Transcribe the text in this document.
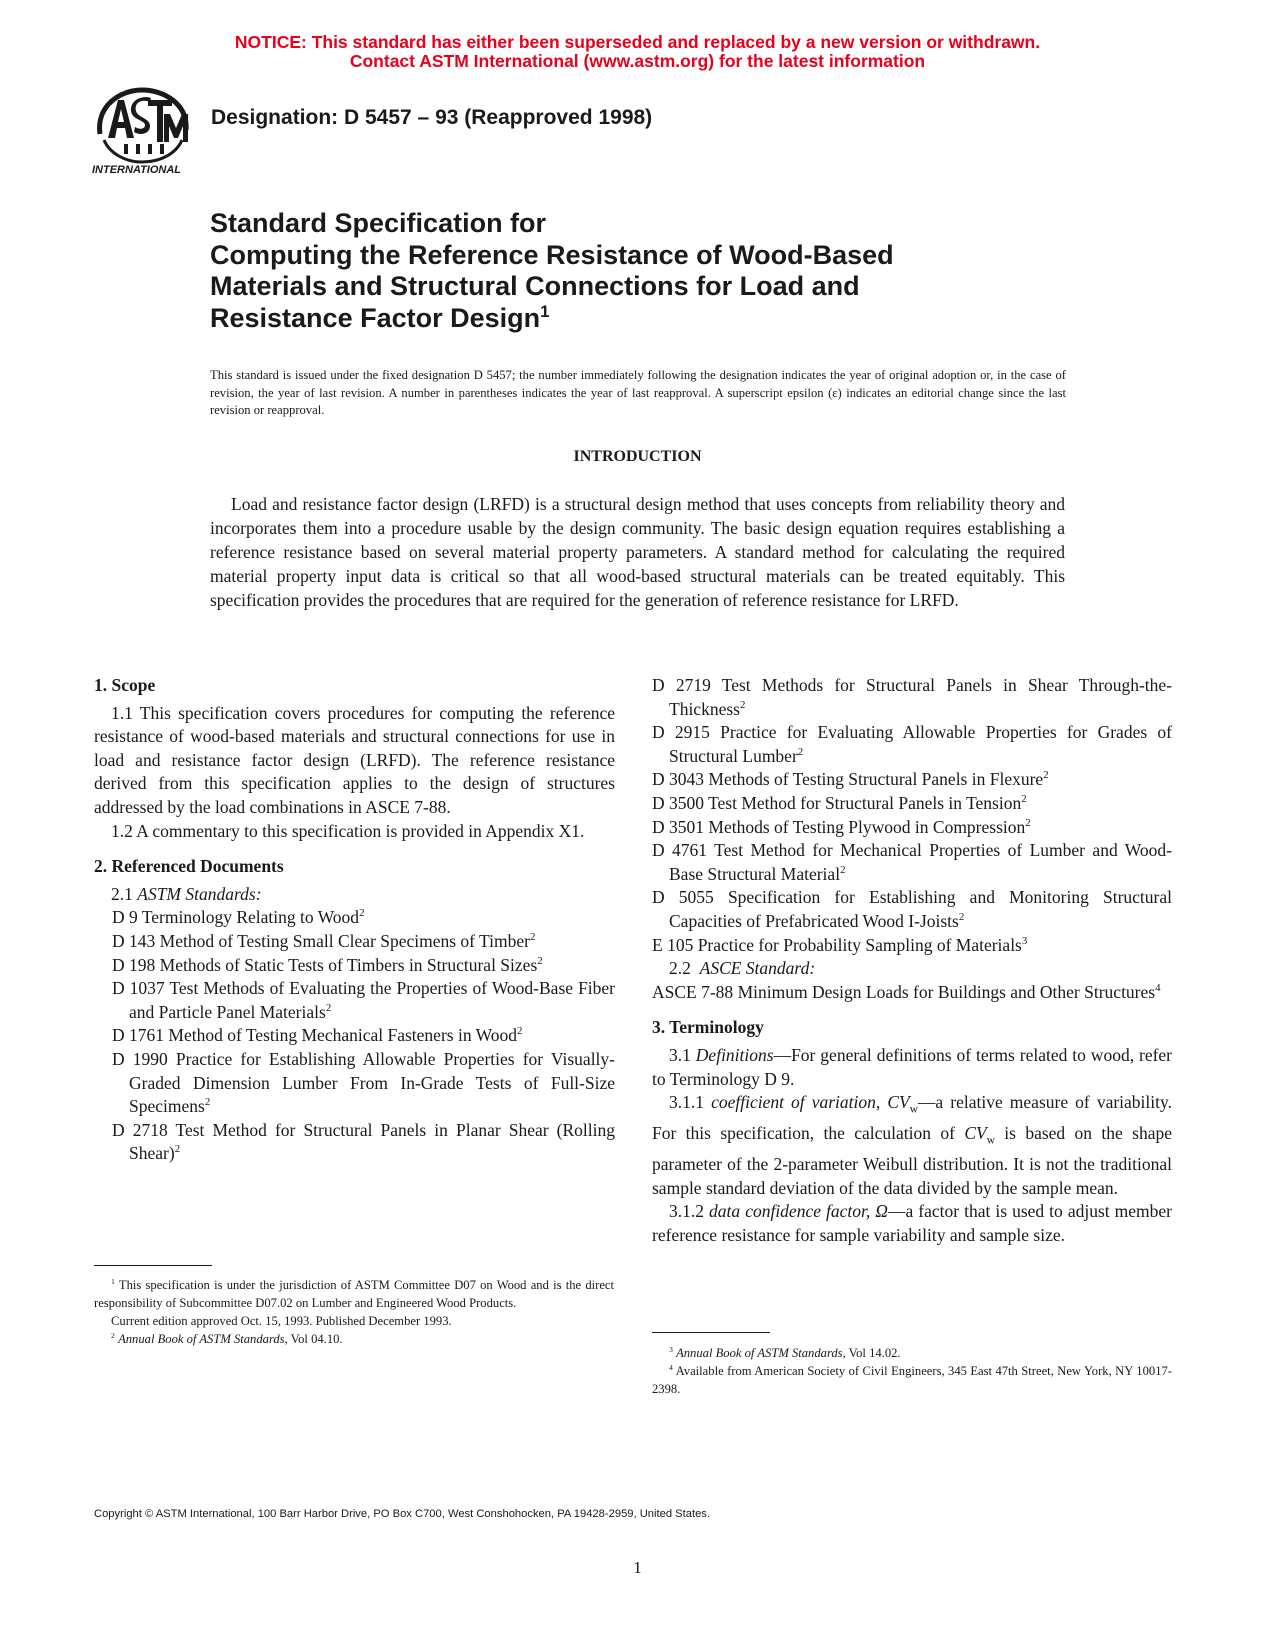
NOTICE: This standard has either been superseded and replaced by a new version or withdrawn.
Contact ASTM International (www.astm.org) for the latest information
INTERNATIONAL
Designation: D 5457 – 93 (Reapproved 1998)
Standard Specification for
Computing the Reference Resistance of Wood-Based
Materials and Structural Connections for Load and
Resistance Factor Design$^1$
This standard is issued under the fixed designation D 5457; the number immediately following the designation indicates the year of original adoption or, in the case of revision, the year of last revision. A number in parentheses indicates the year of last reapproval. A superscript epsilon (ε) indicates an editorial change since the last revision or reapproval.
INTRODUCTION

Load and resistance factor design (LRFD) is a structural design method that uses concepts from reliability theory and incorporates them into a procedure usable by the design community. The basic design equation requires establishing a reference resistance based on several material property parameters. A standard method for calculating the required material property input data is critical so that all wood-based structural materials can be treated equitably. This specification provides the procedures that are required for the generation of reference resistance for LRFD.

1. Scope

1.1 This specification covers procedures for computing the reference resistance of wood-based materials and structural connections for use in load and resistance factor design (LRFD). The reference resistance derived from this specification applies to the design of structures addressed by the load combinations in ASCE 7-88.

1.2 A commentary to this specification is provided in Appendix X1.

2. Referenced Documents

2.1 ASTM Standards:

D 9 Terminology Relating to Wood$^2$
D 143 Method of Testing Small Clear Specimens of Timber$^2$
D 198 Methods of Static Tests of Timbers in Structural Sizes$^2$
D 1037 Test Methods of Evaluating the Properties of Wood-Base Fiber and Particle Panel Materials$^2$
D 1761 Method of Testing Mechanical Fasteners in Wood$^2$
D 1990 Practice for Establishing Allowable Properties for Visually-Graded Dimension Lumber From In-Grade Tests of Full-Size Specimens$^2$
D 2718 Test Method for Structural Panels in Planar Shear (Rolling Shear)$^2$
D 2719 Test Methods for Structural Panels in Shear Through-the-Thickness$^2$
D 2915 Practice for Evaluating Allowable Properties for Grades of Structural Lumber$^2$
D 3043 Methods of Testing Structural Panels in Flexure$^2$
D 3500 Test Method for Structural Panels in Tension$^2$
D 3501 Methods of Testing Plywood in Compression$^2$
D 4761 Test Method for Mechanical Properties of Lumber and Wood-Base Structural Material$^2$
D 5055 Specification for Establishing and Monitoring Structural Capacities of Prefabricated Wood I-Joists$^2$
E 105 Practice for Probability Sampling of Materials$^3$

2.2 ASCE Standard:

ASCE 7-88 Minimum Design Loads for Buildings and Other Structures$^4$

3. Terminology

3.1 Definitions—For general definitions of terms related to wood, refer to Terminology D 9.

3.1.1 coefficient of variation, $CV_w—a$ relative measure of variability. For this specification, the calculation of $CV_w$ is based on the shape parameter of the 2-parameter Weibull distribution. It is not the traditional sample standard deviation of the data divided by the sample mean.

3.1.2 data confidence factor, Ω—a factor that is used to adjust member reference resistance for sample variability and sample size.

$^1$ This specification is under the jurisdiction of ASTM Committee D07 on Wood and is the direct responsibility of Subcommittee D07.02 on Lumber and Engineered Wood Products.

Current edition approved Oct. 15, 1993. Published December 1993.

$^2$ Annual Book of ASTM Standards, Vol 04.10.

$^3$ Annual Book of ASTM Standards, Vol 14.02.

$^4$ Available from American Society of Civil Engineers, 345 East 47th Street, New York, NY 10017-2398.

Copyright © ASTM International, 100 Barr Harbor Drive, PO Box C700, West Conshohocken, PA 19428-2959, United States.
1
